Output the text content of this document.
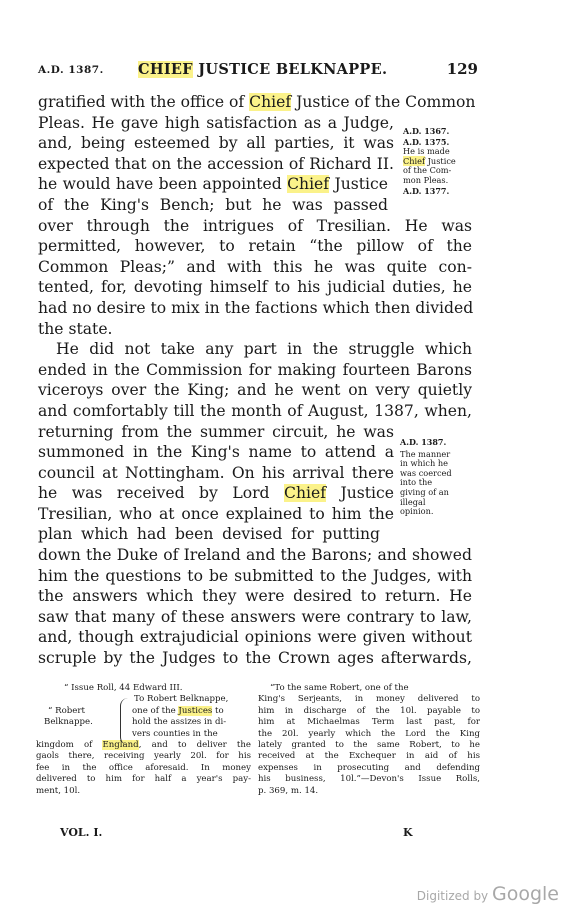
A.D. 1387. CHIEF JUSTICE BELKNAPPE.	129
gratified with the office of Chief Justice of the Common
Pleas. He gave high satisfaction as a Judge,
and, being esteemed by all parties, it was
expected that on the accession of Richard II.
he would have been appointed Chief Justice
of the King's Bench; but he was passed
over through the intrigues of Tresilian. He was
permitted, however, to retain “the pillow of the
Common Pleas;” and with this he was quite con-
tented, for, devoting himself to his judicial duties, he
had no desire to mix in the factions which then divided
the state.
He did not take any part in the struggle which
ended in the Commission for making fourteen Barons
viceroys over the King; and he went on very quietly
and comfortably till the month of August, 1387, when,
returning from the summer circuit, he was
summoned in the King's name to attend a
council at Nottingham. On his arrival there
he was received by Lord Chief Justice
Tresilian, who at once explained to him the
plan which had been devised for putting
down the Duke of Ireland and the Barons; and showed
him the questions to be submitted to the Judges, with
the answers which they were desired to return. He
saw that many of these answers were contrary to law,
and, though extrajudicial opinions were given without
scruple by the Judges to the Crown ages afterwards,
A.D. 1367.
A.D. 1375.
He is made
Chief Justice
of the Com-
mon Pleas.
A.D. 1377.
A.D. 1387.
The manner
in which he
was coerced
into the
giving of an
illegal
opinion.
“ Issue Roll, 44 Edward III.
To Robert Belknappe,
“ Robert	one of the Justices to
Belknappe.	hold the assizes in di-
vers counties in the
kingdom of England, and to deliver the
gaols there, receiving yearly 20l. for his
fee in the office aforesaid. In money
delivered to him for half a year's pay-
ment, 10l.
“To the same Robert, one of the
King's Serjeants, in money delivered to
him in discharge of the 10l. payable to
him at Michaelmas Term last past, for
the 20l. yearly which the Lord the King
lately granted to the same Robert, to he
received at the Exchequer in aid of his
expenses in prosecuting and defending
his business, 10l.”—Devon's Issue Rolls,
p. 369, m. 14.
VOL. I.	K
Digitized by Google
